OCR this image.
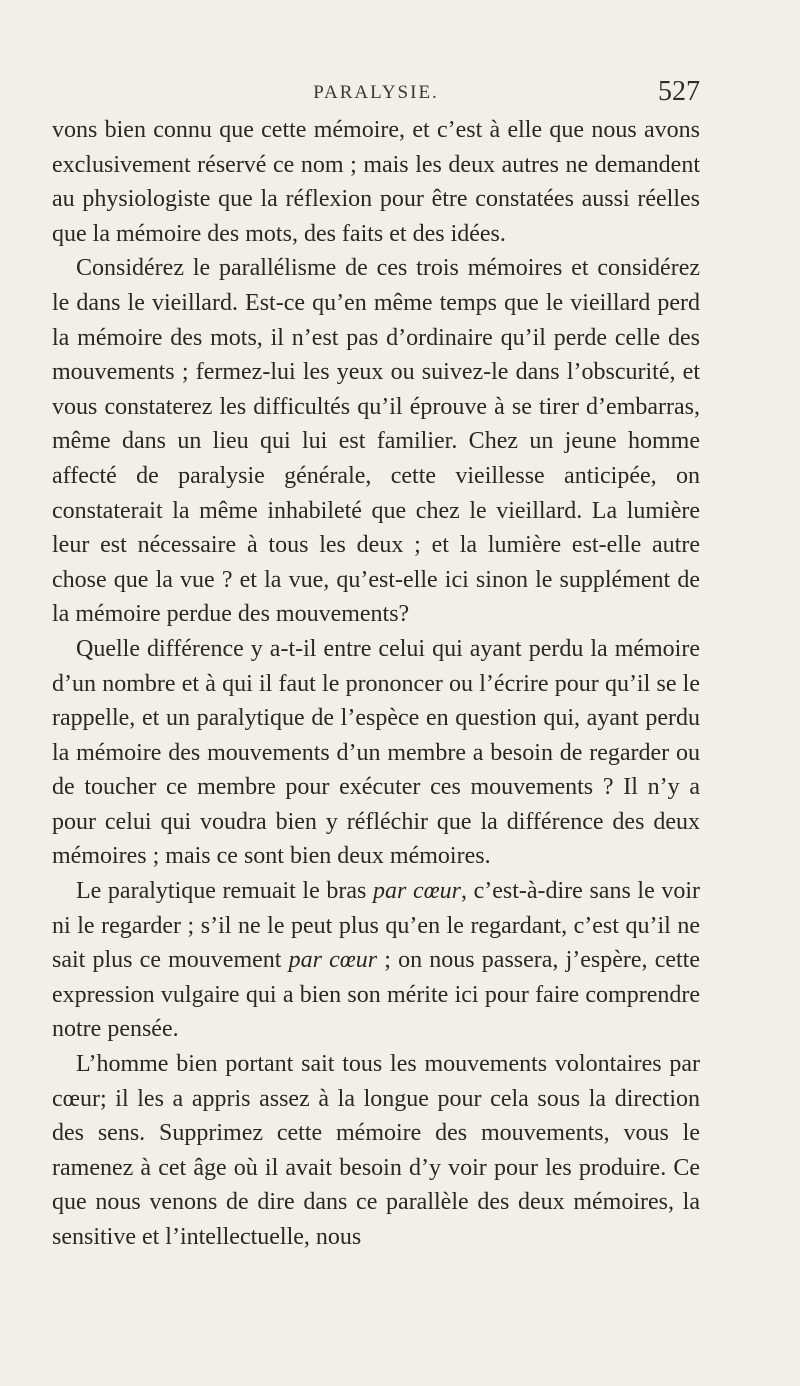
PARALYSIE.	527

vons bien connu que cette mémoire, et c’est à elle que nous avons exclusivement réservé ce nom ; mais les deux autres ne demandent au physiologiste que la réflexion pour être constatées aussi réelles que la mémoire des mots, des faits et des idées.

Considérez le parallélisme de ces trois mémoires et considérez le dans le vieillard. Est-ce qu’en même temps que le vieillard perd la mémoire des mots, il n’est pas d’ordinaire qu’il perde celle des mouvements ; fermez-lui les yeux ou suivez-le dans l’obscurité, et vous constaterez les difficultés qu’il éprouve à se tirer d’embarras, même dans un lieu qui lui est familier. Chez un jeune homme affecté de paralysie générale, cette vieillesse anticipée, on constaterait la même inhabileté que chez le vieillard. La lumière leur est nécessaire à tous les deux ; et la lumière est-elle autre chose que la vue ? et la vue, qu’est-elle ici sinon le supplément de la mémoire perdue des mouvements?

Quelle différence y a-t-il entre celui qui ayant perdu la mémoire d’un nombre et à qui il faut le prononcer ou l’écrire pour qu’il se le rappelle, et un paralytique de l’espèce en question qui, ayant perdu la mémoire des mouvements d’un membre a besoin de regarder ou de toucher ce membre pour exécuter ces mouvements ? Il n’y a pour celui qui voudra bien y réfléchir que la différence des deux mémoires ; mais ce sont bien deux mémoires.

Le paralytique remuait le bras par cœur, c’est-à-dire sans le voir ni le regarder ; s’il ne le peut plus qu’en le regardant, c’est qu’il ne sait plus ce mouvement par cœur ; on nous passera, j’espère, cette expression vulgaire qui a bien son mérite ici pour faire comprendre notre pensée.

L’homme bien portant sait tous les mouvements volontaires par cœur; il les a appris assez à la longue pour cela sous la direction des sens. Supprimez cette mémoire des mouvements, vous le ramenez à cet âge où il avait besoin d’y voir pour les produire. Ce que nous venons de dire dans ce parallèle des deux mémoires, la sensitive et l’intellectuelle, nous
